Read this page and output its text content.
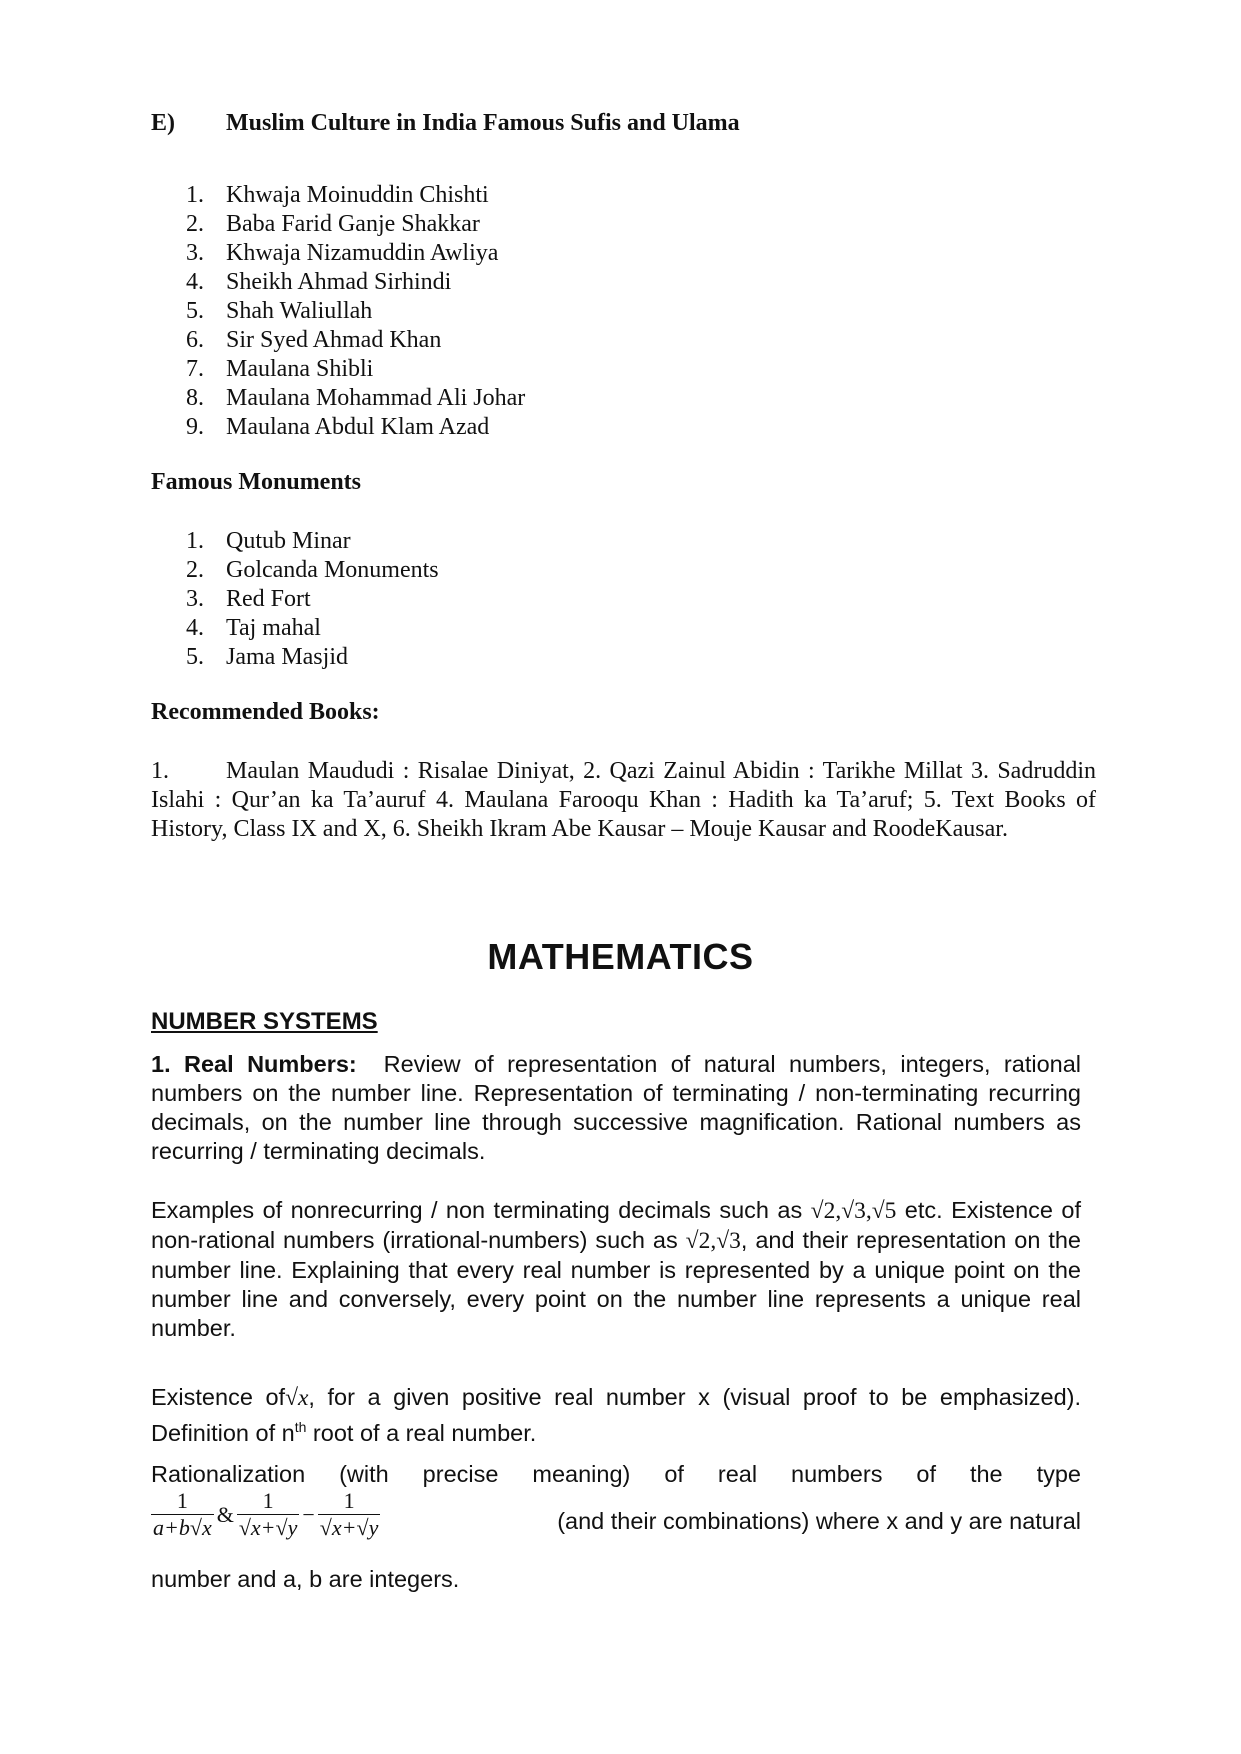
E) Muslim Culture in India Famous Sufis and Ulama
1. Khwaja Moinuddin Chishti
2. Baba Farid Ganje Shakkar
3. Khwaja Nizamuddin Awliya
4. Sheikh Ahmad Sirhindi
5. Shah Waliullah
6. Sir Syed Ahmad Khan
7. Maulana Shibli
8. Maulana Mohammad Ali Johar
9. Maulana Abdul Klam Azad
Famous Monuments
1. Qutub Minar
2. Golcanda Monuments
3. Red Fort
4. Taj mahal
5. Jama Masjid
Recommended Books:

1. Maulan Maududi : Risalae Diniyat, 2. Qazi Zainul Abidin : Tarikhe Millat 3. Sadruddin Islahi : Qur’an ka Ta’auruf 4. Maulana Farooqu Khan : Hadith ka Ta’aruf; 5. Text Books of History, Class IX and X, 6. Sheikh Ikram Abe Kausar – Mouje Kausar and RoodeKausar.

MATHEMATICS
NUMBER SYSTEMS

1. Real Numbers: Review of representation of natural numbers, integers, rational numbers on the number line. Representation of terminating / non-terminating recurring decimals, on the number line through successive magnification. Rational numbers as recurring / terminating decimals.

Examples of nonrecurring / non terminating decimals such as √2,√3,√5 etc. Existence of non-rational numbers (irrational-numbers) such as √2,√3, and their representation on the number line. Explaining that every real number is represented by a unique point on the number line and conversely, every point on the number line represents a unique real number.

Existence of√x, for a given positive real number x (visual proof to be emphasized). Definition of $n^{th}$ root of a real number.

Rationalization (with precise meaning) of real numbers of the type

$\frac{1}{a+b√x}$ & $\frac{1}{√x+√y} - \frac{1}{√x+√y}$	(and their combinations) where x and y are natural
number and a, b are integers.
